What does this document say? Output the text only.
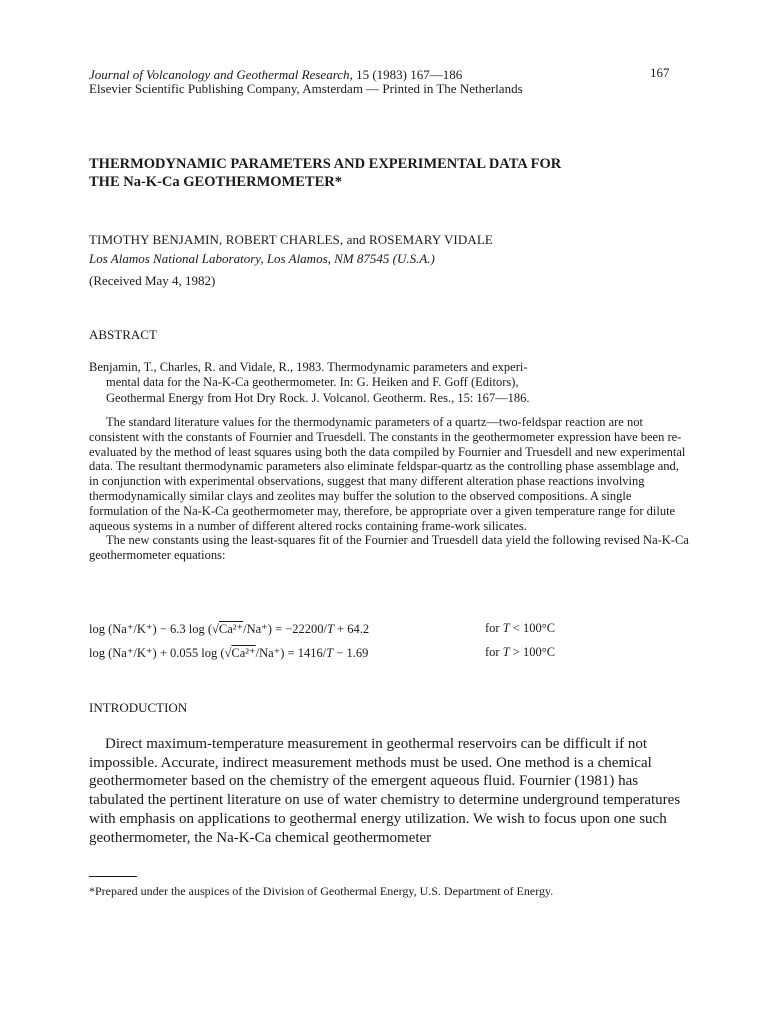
Journal of Volcanology and Geothermal Research, 15 (1983) 167—186	167
Elsevier Scientific Publishing Company, Amsterdam — Printed in The Netherlands
THERMODYNAMIC PARAMETERS AND EXPERIMENTAL DATA FOR
THE Na-K-Ca GEOTHERMOMETER*
TIMOTHY BENJAMIN, ROBERT CHARLES, and ROSEMARY VIDALE
Los Alamos National Laboratory, Los Alamos, NM 87545 (U.S.A.)
(Received May 4, 1982)
ABSTRACT
Benjamin, T., Charles, R. and Vidale, R., 1983. Thermodynamic parameters and experi-
mental data for the Na-K-Ca geothermometer. In: G. Heiken and F. Goff (Editors),
Geothermal Energy from Hot Dry Rock. J. Volcanol. Geotherm. Res., 15: 167—186.

The standard literature values for the thermodynamic parameters of a quartz—two-feldspar reaction are not consistent with the constants of Fournier and Truesdell. The constants in the geothermometer expression have been re-evaluated by the method of least squares using both the data compiled by Fournier and Truesdell and new experimental data. The resultant thermodynamic parameters also eliminate feldspar-quartz as the controlling phase assemblage and, in conjunction with experimental observations, suggest that many different alteration phase reactions involving thermodynamically similar clays and zeolites may buffer the solution to the observed compositions. A single formulation of the Na-K-Ca geothermometer may, therefore, be appropriate over a given temperature range for dilute aqueous systems in a number of different altered rocks containing frame-work silicates.

The new constants using the least-squares fit of the Fournier and Truesdell data yield the following revised Na-K-Ca geothermometer equations:

log (Na⁺/K⁺) − 6.3 log (√Ca²⁺/Na⁺) = −22200/T + 64.2	for T < 100°C
log (Na⁺/K⁺) + 0.055 log (√Ca²⁺/Na⁺) = 1416/T − 1.69	for T > 100°C
INTRODUCTION

Direct maximum-temperature measurement in geothermal reservoirs can be difficult if not impossible. Accurate, indirect measurement methods must be used. One method is a chemical geothermometer based on the chemistry of the emergent aqueous fluid. Fournier (1981) has tabulated the pertinent literature on use of water chemistry to determine underground temperatures with emphasis on applications to geothermal energy utilization. We wish to focus upon one such geothermometer, the Na-K-Ca chemical geothermometer

*Prepared under the auspices of the Division of Geothermal Energy, U.S. Department of Energy.
